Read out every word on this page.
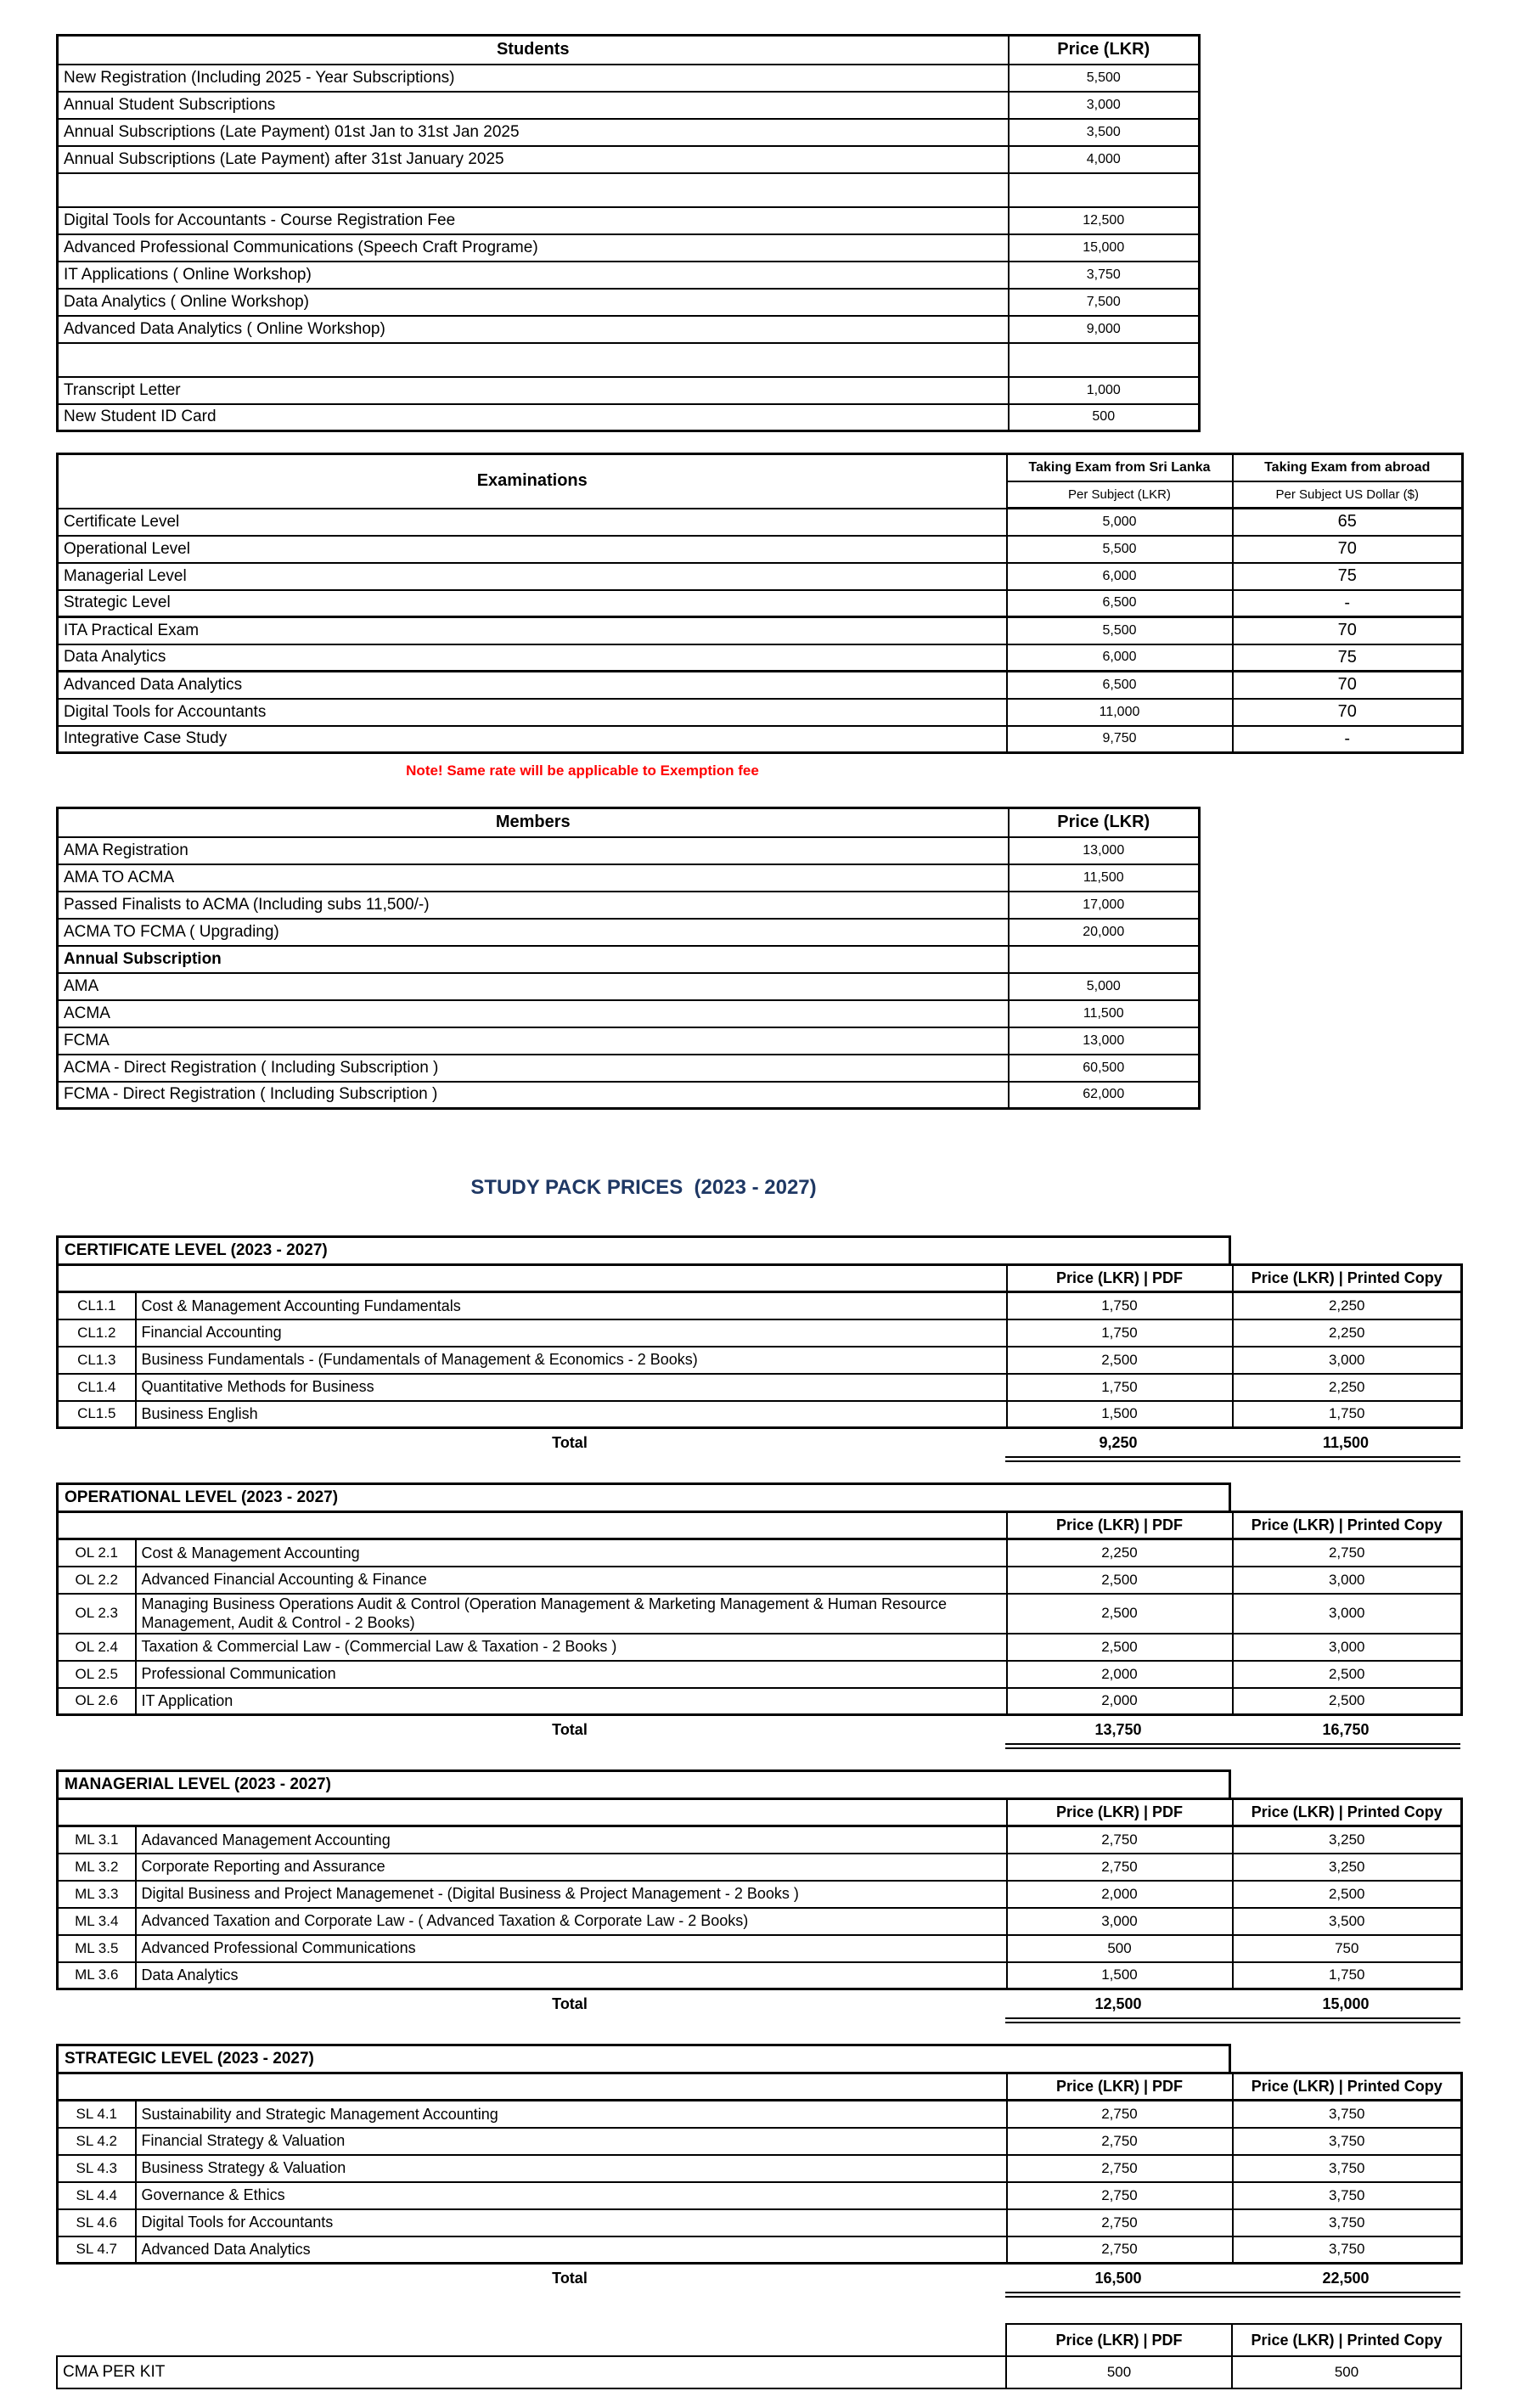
Students	Price (LKR)
New Registration (Including 2025 - Year Subscriptions)	5,500
Annual Student Subscriptions	3,000
Annual Subscriptions (Late Payment) 01st Jan to 31st Jan 2025	3,500
Annual Subscriptions (Late Payment) after 31st January 2025	4,000

Digital Tools for Accountants - Course Registration Fee	12,500
Advanced Professional Communications (Speech Craft Programe)	15,000
IT Applications ( Online Workshop)	3,750
Data Analytics ( Online Workshop)	7,500
Advanced Data Analytics ( Online Workshop)	9,000

Transcript Letter	1,000
New Student ID Card	500
Examinations	Taking Exam from Sri Lanka	Taking Exam from abroad
	Per Subject (LKR)	Per Subject US Dollar ($)
Certificate Level	5,000	65
Operational Level	5,500	70
Managerial Level	6,000	75
Strategic Level	6,500	-
ITA Practical Exam	5,500	70
Data Analytics	6,000	75
Advanced Data Analytics	6,500	70
Digital Tools for Accountants	11,000	70
Integrative Case Study	9,750	-
Note! Same rate will be applicable to Exemption fee
Members	Price (LKR)
AMA Registration	13,000
AMA TO ACMA	11,500
Passed Finalists to ACMA (Including subs 11,500/-)	17,000
ACMA TO FCMA ( Upgrading)	20,000
Annual Subscription	
AMA	5,000
ACMA	11,500
FCMA	13,000
ACMA - Direct Registration ( Including Subscription )	60,500
FCMA - Direct Registration ( Including Subscription )	62,000
STUDY PACK PRICES  (2023 - 2027)
CERTIFICATE LEVEL (2023 - 2027)
		Price (LKR) | PDF	Price (LKR) | Printed Copy
CL1.1	Cost & Management Accounting Fundamentals	1,750	2,250
CL1.2	Financial Accounting	1,750	2,250
CL1.3	Business Fundamentals - (Fundamentals of Management & Economics - 2 Books)	2,500	3,000
CL1.4	Quantitative Methods for Business	1,750	2,250
CL1.5	Business English	1,500	1,750
Total	9,250	11,500
OPERATIONAL LEVEL (2023 - 2027)
		Price (LKR) | PDF	Price (LKR) | Printed Copy
OL 2.1	Cost & Management Accounting	2,250	2,750
OL 2.2	Advanced Financial Accounting & Finance	2,500	3,000
OL 2.3	Managing Business Operations Audit & Control (Operation Management & Marketing Management & Human Resource Management, Audit & Control - 2 Books)	2,500	3,000
OL 2.4	Taxation & Commercial Law - (Commercial Law & Taxation - 2 Books )	2,500	3,000
OL 2.5	Professional Communication	2,000	2,500
OL 2.6	IT Application	2,000	2,500
Total	13,750	16,750
MANAGERIAL LEVEL (2023 - 2027)
		Price (LKR) | PDF	Price (LKR) | Printed Copy
ML 3.1	Adavanced Management Accounting	2,750	3,250
ML 3.2	Corporate Reporting and Assurance	2,750	3,250
ML 3.3	Digital Business and Project Managemenet - (Digital Business & Project Management - 2 Books )	2,000	2,500
ML 3.4	Advanced Taxation and Corporate Law - ( Advanced Taxation & Corporate Law - 2 Books)	3,000	3,500
ML 3.5	Advanced Professional Communications	500	750
ML 3.6	Data Analytics	1,500	1,750
Total	12,500	15,000
STRATEGIC LEVEL (2023 - 2027)
		Price (LKR) | PDF	Price (LKR) | Printed Copy
SL 4.1	Sustainability and Strategic Management Accounting	2,750	3,750
SL 4.2	Financial Strategy & Valuation	2,750	3,750
SL 4.3	Business Strategy & Valuation	2,750	3,750
SL 4.4	Governance & Ethics	2,750	3,750
SL 4.6	Digital Tools for Accountants	2,750	3,750
SL 4.7	Advanced Data Analytics	2,750	3,750
Total	16,500	22,500
	Price (LKR) | PDF	Price (LKR) | Printed Copy
CMA PER KIT	500	500
